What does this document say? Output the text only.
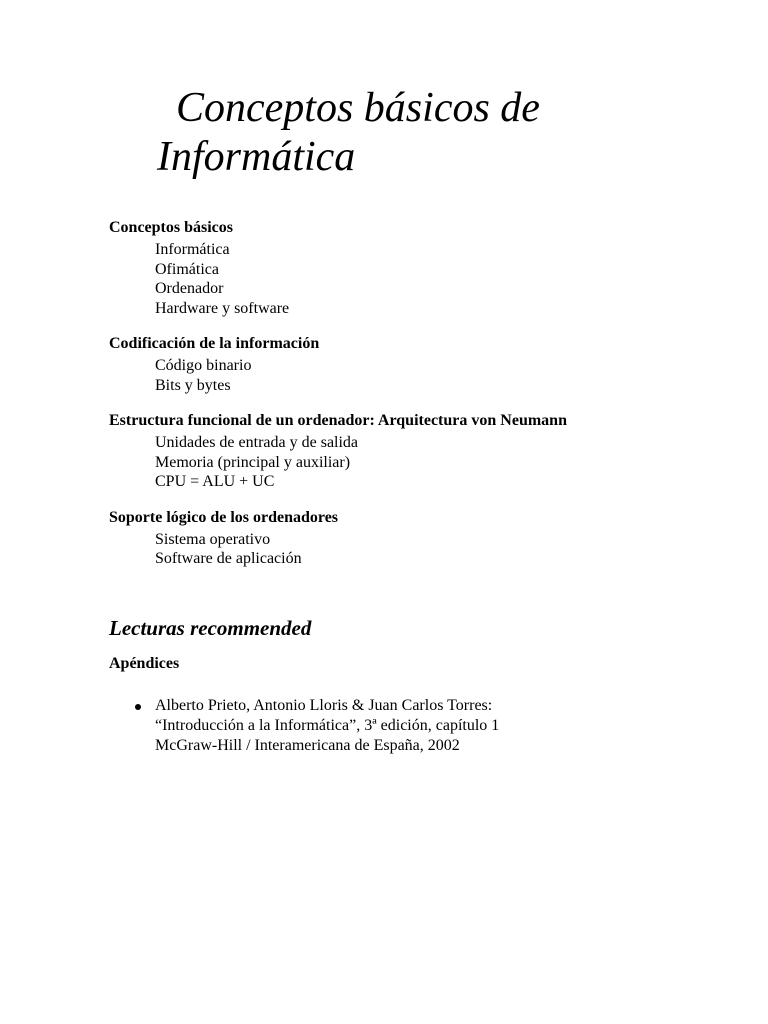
Conceptos básicos de
Informática
Conceptos básicos
Informática
Ofimática
Ordenador
Hardware y software
Codificación de la información
Código binario
Bits y bytes
Estructura funcional de un ordenador: Arquitectura von Neumann
Unidades de entrada y de salida
Memoria (principal y auxiliar)
CPU = ALU + UC
Soporte lógico de los ordenadores
Sistema operativo
Software de aplicación
Lecturas recommended
Apéndices
Alberto Prieto, Antonio Lloris & Juan Carlos Torres:
“Introducción a la Informática”, 3ª edición, capítulo 1
McGraw-Hill / Interamericana de España, 2002
